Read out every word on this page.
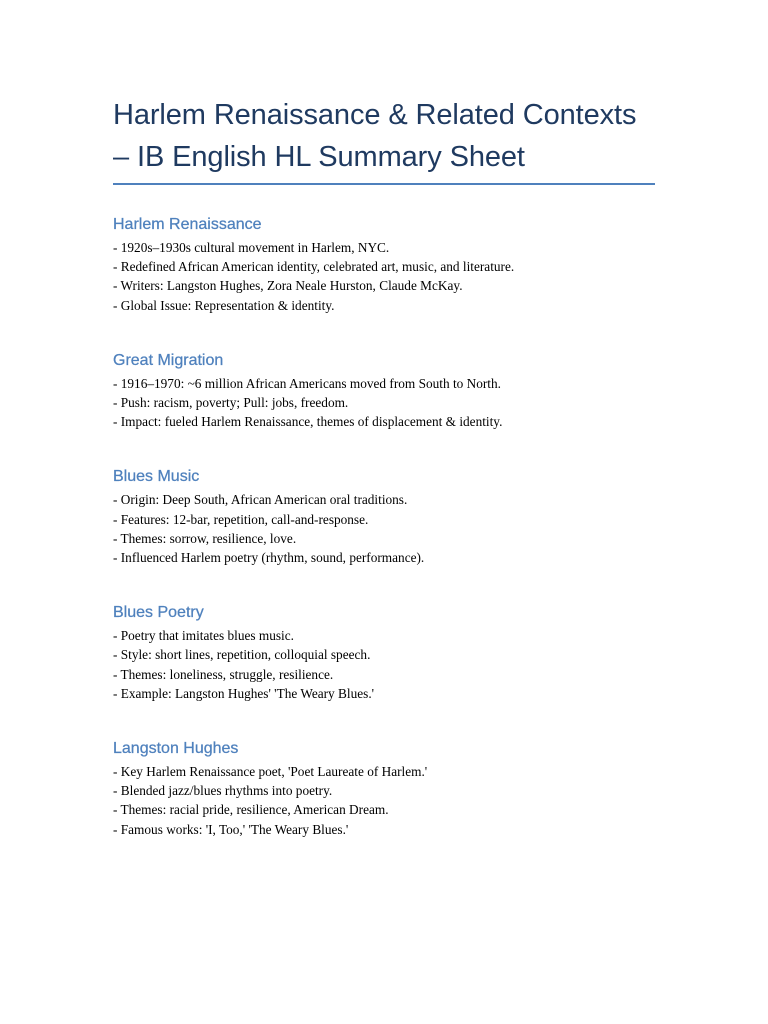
Harlem Renaissance & Related Contexts
– IB English HL Summary Sheet
Harlem Renaissance
- 1920s–1930s cultural movement in Harlem, NYC.
- Redefined African American identity, celebrated art, music, and literature.
- Writers: Langston Hughes, Zora Neale Hurston, Claude McKay.
- Global Issue: Representation & identity.
Great Migration
- 1916–1970: ~6 million African Americans moved from South to North.
- Push: racism, poverty; Pull: jobs, freedom.
- Impact: fueled Harlem Renaissance, themes of displacement & identity.
Blues Music
- Origin: Deep South, African American oral traditions.
- Features: 12-bar, repetition, call-and-response.
- Themes: sorrow, resilience, love.
- Influenced Harlem poetry (rhythm, sound, performance).
Blues Poetry
- Poetry that imitates blues music.
- Style: short lines, repetition, colloquial speech.
- Themes: loneliness, struggle, resilience.
- Example: Langston Hughes' 'The Weary Blues.'
Langston Hughes
- Key Harlem Renaissance poet, 'Poet Laureate of Harlem.'
- Blended jazz/blues rhythms into poetry.
- Themes: racial pride, resilience, American Dream.
- Famous works: 'I, Too,' 'The Weary Blues.'
